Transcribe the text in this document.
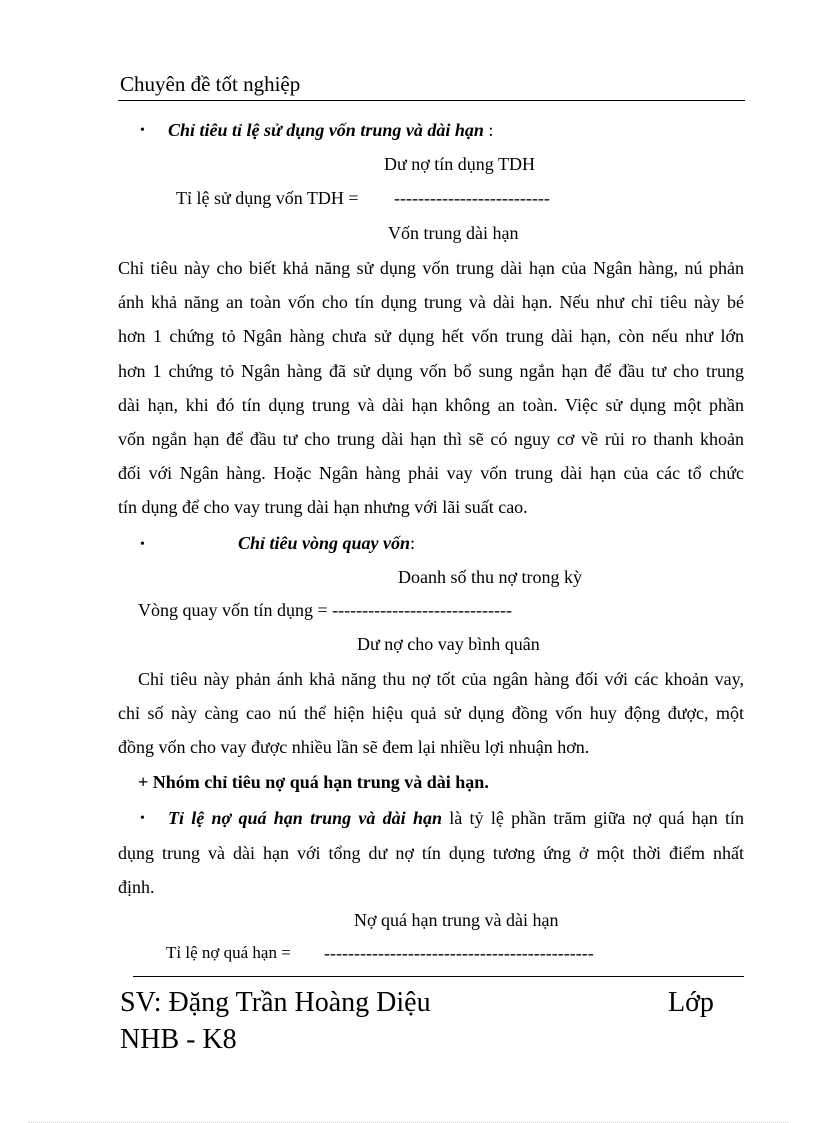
Chuyên đề tốt nghiệp
• Chỉ tiêu tỉ lệ sử dụng vốn trung và dài hạn :
Dư nợ tín dụng TDH
Tỉ lệ sử dụng vốn TDH = --------------------------
Vốn trung dài hạn
Chỉ tiêu này cho biết khả năng sử dụng vốn trung dài hạn của Ngân hàng, nú phản
ánh khả năng an toàn vốn cho tín dụng trung và dài hạn. Nếu như chỉ tiêu này bé
hơn 1 chứng tỏ Ngân hàng chưa sử dụng hết vốn trung dài hạn, còn nếu như lớn
hơn 1 chứng tỏ Ngân hàng đã sử dụng vốn bổ sung ngắn hạn để đầu tư cho trung
dài hạn, khi đó tín dụng trung và dài hạn không an toàn. Việc sử dụng một phần
vốn ngắn hạn để đầu tư cho trung dài hạn thì sẽ có nguy cơ về rủi ro thanh khoản
đối với Ngân hàng. Hoặc Ngân hàng phải vay vốn trung dài hạn của các tổ chức
tín dụng để cho vay trung dài hạn nhưng với lãi suất cao.
•	Chỉ tiêu vòng quay vốn:
Doanh số thu nợ trong kỳ
Vòng quay vốn tín dụng = ------------------------------
Dư nợ cho vay bình quân
Chỉ tiêu này phản ánh khả năng thu nợ tốt của ngân hàng đối với các khoản vay,
chỉ số này càng cao nú thể hiện hiệu quả sử dụng đồng vốn huy động được, một
đồng vốn cho vay được nhiều lần sẽ đem lại nhiều lợi nhuận hơn.
+ Nhóm chỉ tiêu nợ quá hạn trung và dài hạn.
• Tỉ lệ nợ quá hạn trung và dài hạn là tỷ lệ phần trăm giữa nợ quá hạn tín
dụng trung và dài hạn với tổng dư nợ tín dụng tương ứng ở một thời điểm nhất
định.
Nợ quá hạn trung và dài hạn
Tỉ lệ nợ quá hạn = ---------------------------------------------
SV: Đặng Trần Hoàng Diệu	Lớp
NHB - K8
